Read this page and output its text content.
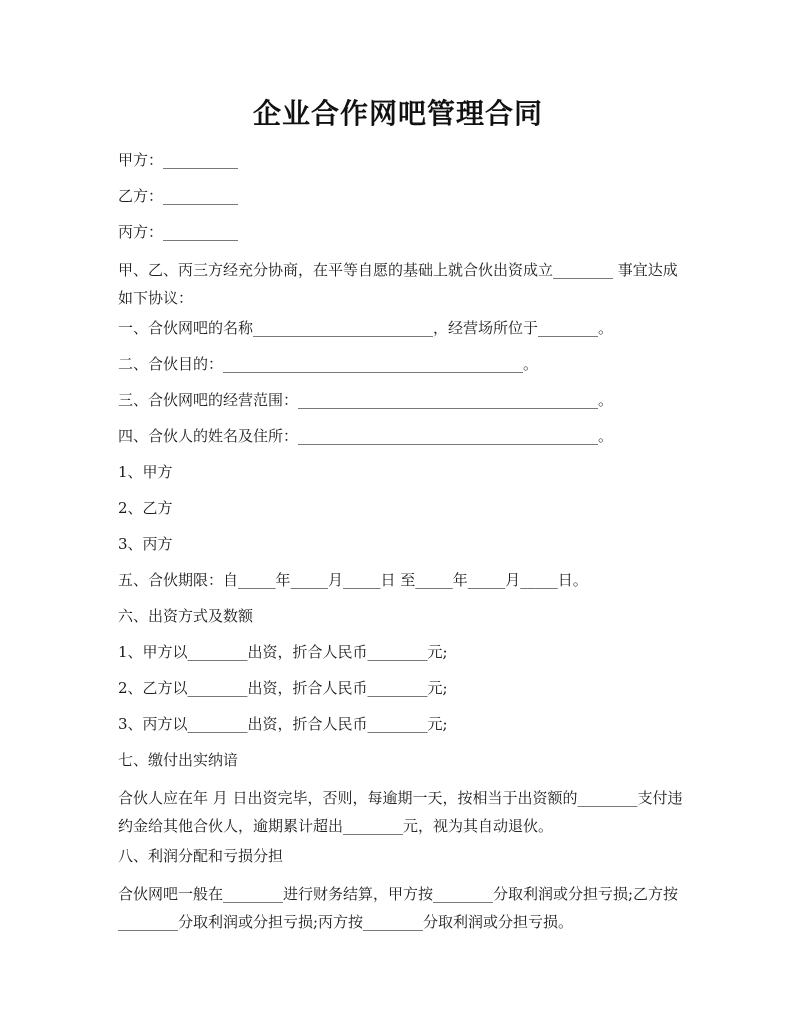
企业合作网吧管理合同
甲方：__________
乙方：__________
丙方：__________
甲、乙、丙三方经充分协商，在平等自愿的基础上就合伙出资成立________ 事宜达成如下协议：
一、合伙网吧的名称________________________，经营场所位于________。
二、合伙目的：________________________________________。
三、合伙网吧的经营范围：________________________________________。
四、合伙人的姓名及住所：________________________________________。
1、甲方
2、乙方
3、丙方
五、合伙期限：自_____年_____月_____日 至_____年_____月_____日。
六、出资方式及数额
1、甲方以________出资，折合人民币________元;
2、乙方以________出资，折合人民币________元;
3、丙方以________出资，折合人民币________元;
七、缴付出实纳谙
合伙人应在年 月 日出资完毕，否则，每逾期一天，按相当于出资额的________支付违约金给其他合伙人，逾期累计超出________元，视为其自动退伙。
八、利润分配和亏损分担
合伙网吧一般在________进行财务结算，甲方按________分取利润或分担亏损;乙方按________分取利润或分担亏损;丙方按________分取利润或分担亏损。
